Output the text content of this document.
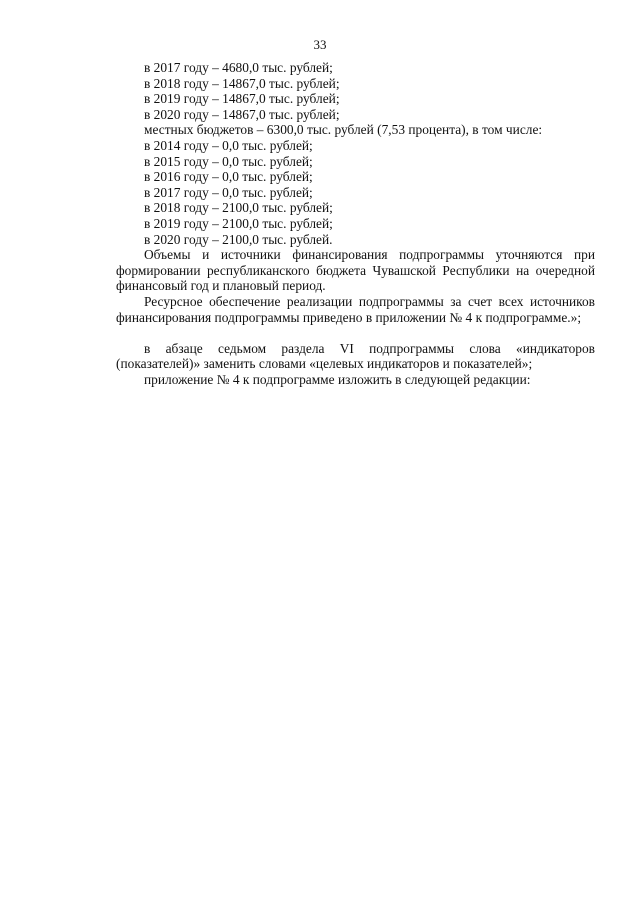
33

в 2017 году – 4680,0 тыс. рублей;

в 2018 году – 14867,0 тыс. рублей;

в 2019 году – 14867,0 тыс. рублей;

в 2020 году – 14867,0 тыс. рублей;

местных бюджетов – 6300,0 тыс. рублей (7,53 процента), в том числе:

в 2014 году – 0,0 тыс. рублей;

в 2015 году – 0,0 тыс. рублей;

в 2016 году – 0,0 тыс. рублей;

в 2017 году – 0,0 тыс. рублей;

в 2018 году – 2100,0 тыс. рублей;

в 2019 году – 2100,0 тыс. рублей;

в 2020 году – 2100,0 тыс. рублей.

Объемы и источники финансирования подпрограммы уточняются при формировании республиканского бюджета Чувашской Республики на очередной финансовый год и плановый период.

Ресурсное обеспечение реализации подпрограммы за счет всех источников финансирования подпрограммы приведено в приложении № 4 к подпрограмме.»;

в абзаце седьмом раздела VI подпрограммы слова «индикаторов (показателей)» заменить словами «целевых индикаторов и показателей»;

приложение № 4 к подпрограмме изложить в следующей редакции:
